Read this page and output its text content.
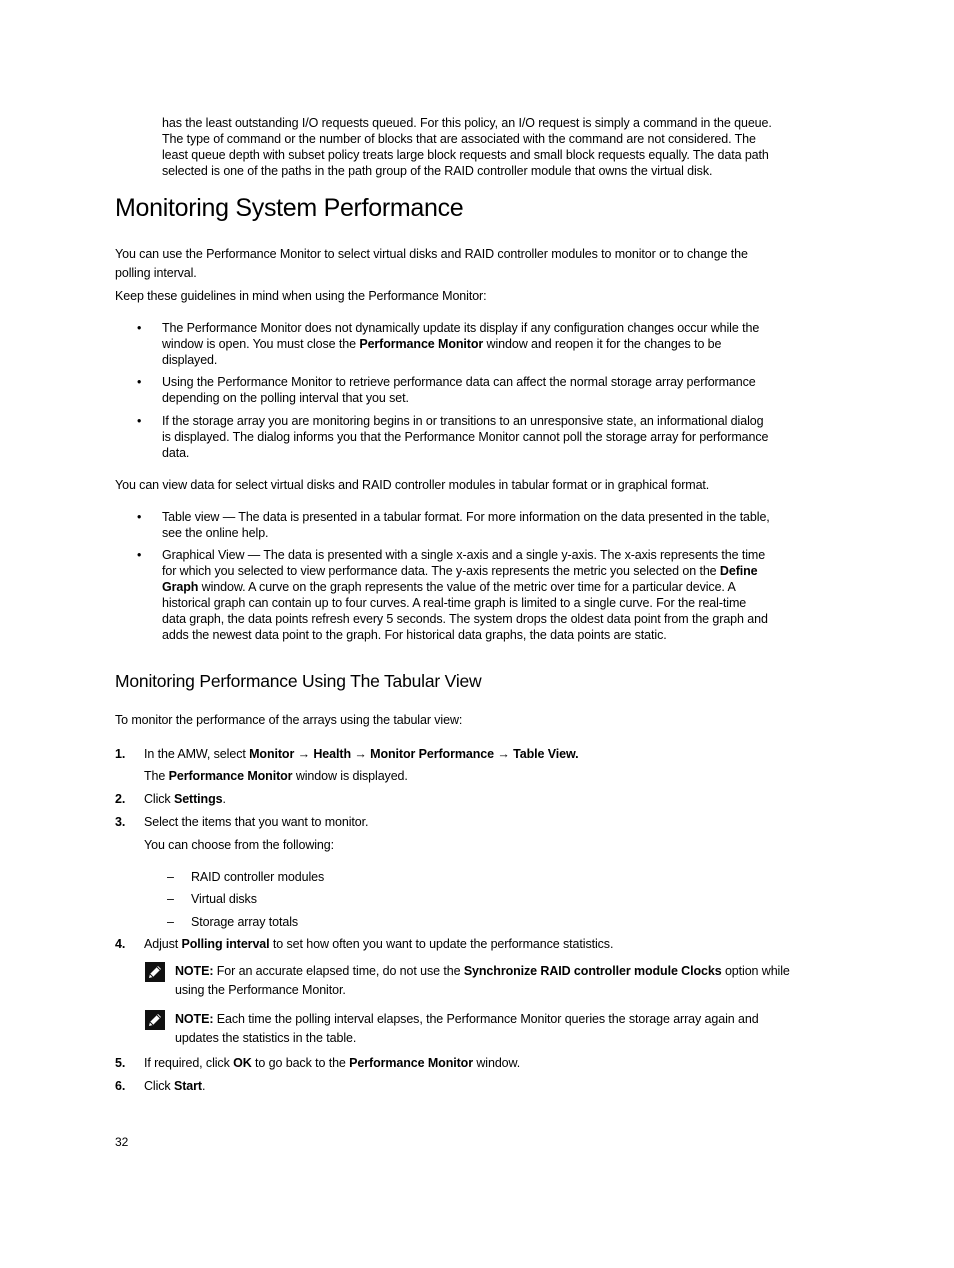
has the least outstanding I/O requests queued. For this policy, an I/O request is simply a command in the queue.
The type of command or the number of blocks that are associated with the command are not considered. The
least queue depth with subset policy treats large block requests and small block requests equally. The data path
selected is one of the paths in the path group of the RAID controller module that owns the virtual disk.
Monitoring System Performance
You can use the Performance Monitor to select virtual disks and RAID controller modules to monitor or to change the
polling interval.
Keep these guidelines in mind when using the Performance Monitor:
• The Performance Monitor does not dynamically update its display if any configuration changes occur while the
window is open. You must close the Performance Monitor window and reopen it for the changes to be
displayed.
• Using the Performance Monitor to retrieve performance data can affect the normal storage array performance
depending on the polling interval that you set.
• If the storage array you are monitoring begins in or transitions to an unresponsive state, an informational dialog
is displayed. The dialog informs you that the Performance Monitor cannot poll the storage array for performance
data.
You can view data for select virtual disks and RAID controller modules in tabular format or in graphical format.
• Table view — The data is presented in a tabular format. For more information on the data presented in the table,
see the online help.
• Graphical View — The data is presented with a single x-axis and a single y-axis. The x-axis represents the time
for which you selected to view performance data. The y-axis represents the metric you selected on the Define
Graph window. A curve on the graph represents the value of the metric over time for a particular device. A
historical graph can contain up to four curves. A real-time graph is limited to a single curve. For the real-time
data graph, the data points refresh every 5 seconds. The system drops the oldest data point from the graph and
adds the newest data point to the graph. For historical data graphs, the data points are static.
Monitoring Performance Using The Tabular View
To monitor the performance of the arrays using the tabular view:
1. In the AMW, select Monitor → Health → Monitor Performance → Table View.
The Performance Monitor window is displayed.
2. Click Settings.
3. Select the items that you want to monitor.
You can choose from the following:
– RAID controller modules
– Virtual disks
– Storage array totals
4. Adjust Polling interval to set how often you want to update the performance statistics.
NOTE: For an accurate elapsed time, do not use the Synchronize RAID controller module Clocks option while
using the Performance Monitor.
NOTE: Each time the polling interval elapses, the Performance Monitor queries the storage array again and
updates the statistics in the table.
5. If required, click OK to go back to the Performance Monitor window.
6. Click Start.
32
